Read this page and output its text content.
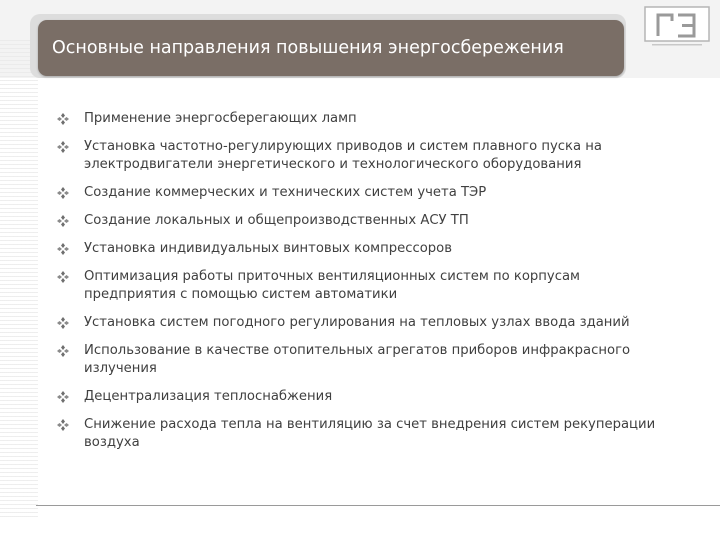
Основные направления повышения энергосбережения
Применение энергосберегающих ламп
Установка частотно-регулирующих приводов и систем плавного пуска на электродвигатели энергетического и технологического оборудования
Создание коммерческих и технических систем учета ТЭР
Создание локальных и общепроизводственных АСУ ТП
Установка индивидуальных винтовых компрессоров
Оптимизация работы приточных вентиляционных систем по корпусам предприятия с помощью систем автоматики
Установка систем погодного регулирования на тепловых узлах ввода зданий
Использование в качестве отопительных агрегатов приборов инфракрасного излучения
Децентрализация теплоснабжения
Снижение расхода тепла на вентиляцию за счет внедрения систем рекуперации воздуха
